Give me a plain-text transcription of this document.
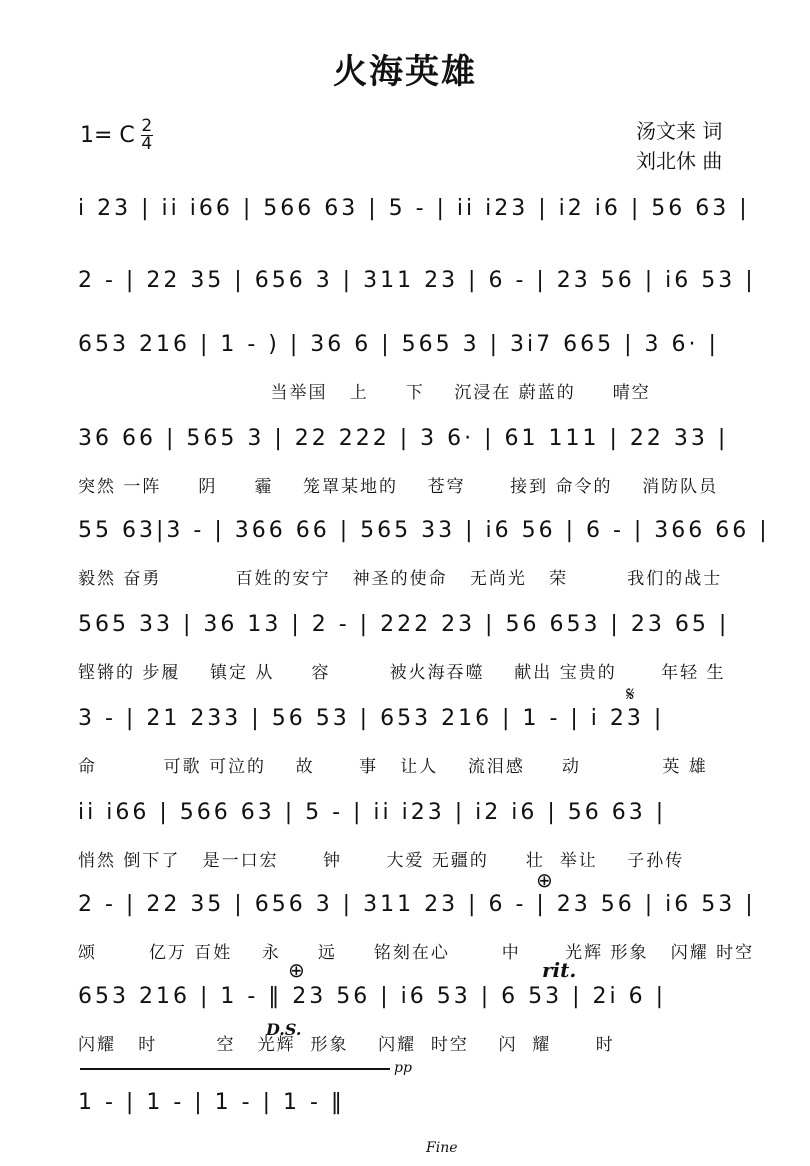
火海英雄
1= C $\frac{2}{4}$	汤文来 词
刘北休 曲
i 23 | ii i66 | 566 63 | 5 - | ii i23 | i2 i6 | 56 63 |
2 - | 22 35 | 656 3 | 311 23 | 6 - | 23 56 | i6 53 |
653 216 | 1 - ) | 36 6 | 565 3 | 3i7 665 | 3 6· |
当举国   上     下    沉浸在 蔚蓝的     晴空
36 66 | 565 3 | 22 222 | 3 6· | 61 111 | 22 33 |
突然 一阵     阴     霾    笼罩某地的    苍穹      接到 命令的    消防队员
55 63|3 - | 366 66 | 565 33 | i6 56 | 6 - | 366 66 |
毅然 奋勇          百姓的安宁   神圣的使命   无尚光   荣        我们的战士
565 33 | 36 13 | 2 - | 222 23 | 56 653 | 23 65 |
铿锵的 步履    镇定 从     容        被火海吞噬    献出 宝贵的      年轻 生
3 - | 21 233 | 56 53 | 653 216 | 1 - | i 23 |
命         可歌 可泣的    故      事   让人    流泪感     动           英 雄
ii i66 | 566 63 | 5 - | ii i23 | i2 i6 | 56 63 |
悄然 倒下了   是一口宏      钟      大爱 无疆的     壮  举让    子孙传
2 - | 22 35 | 656 3 | 311 23 | 6 - | 23 56 | i6 53 |
颂       亿万 百姓    永     远     铭刻在心       中      光辉 形象   闪耀 时空
653 216 | 1 - ‖ 23 56 | i6 53 | 6 53 | 2i 6 |
闪耀   时        空   光辉  形象    闪耀  时空    闪  耀      时
1 - | 1 - | 1 - | 1 - ‖
𝄋
⊕
⊕	rit.
D.S.
pp
Fine
